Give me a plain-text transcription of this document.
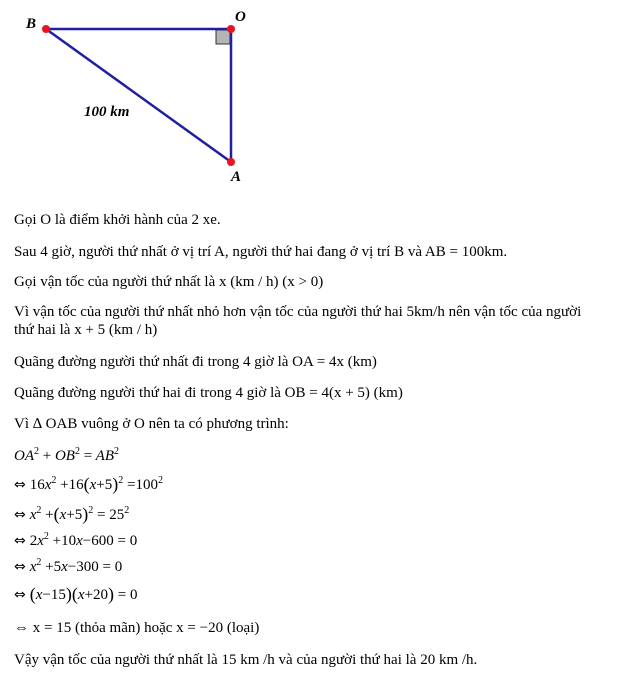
B	O
A
100 km
Gọi O là điểm khởi hành của 2 xe.
Sau 4 giờ, người thứ nhất ở vị trí A, người thứ hai đang ở vị trí B và AB = 100km.
Gọi vận tốc của người thứ nhất là x (km / h) (x > 0)
Vì vận tốc của người thứ nhất nhỏ hơn vận tốc của người thứ hai 5km/h nên vận tốc của người
thứ hai là x + 5 (km / h)
Quãng đường người thứ nhất đi trong 4 giờ là OA = 4x (km)
Quãng đường người thứ hai đi trong 4 giờ là OB = 4(x + 5) (km)
Vì ∆ OAB vuông ở O nên ta có phương trình:
$OA^2 + OB^2 = AB^2$
⇔ $16x^2 +16(x+5)^2 =100^2$
⇔ $x^2 +(x+5)^2 = 25^2$
⇔ $2x^2 +10x-600 = 0$
⇔ $x^2 +5x-300 = 0$
⇔ (x−15)(x+20) = 0
⇔ x = 15 (thỏa mãn) hoặc x = −20 (loại)
Vậy vận tốc của người thứ nhất là 15 km /h và của người thứ hai là 20 km /h.
